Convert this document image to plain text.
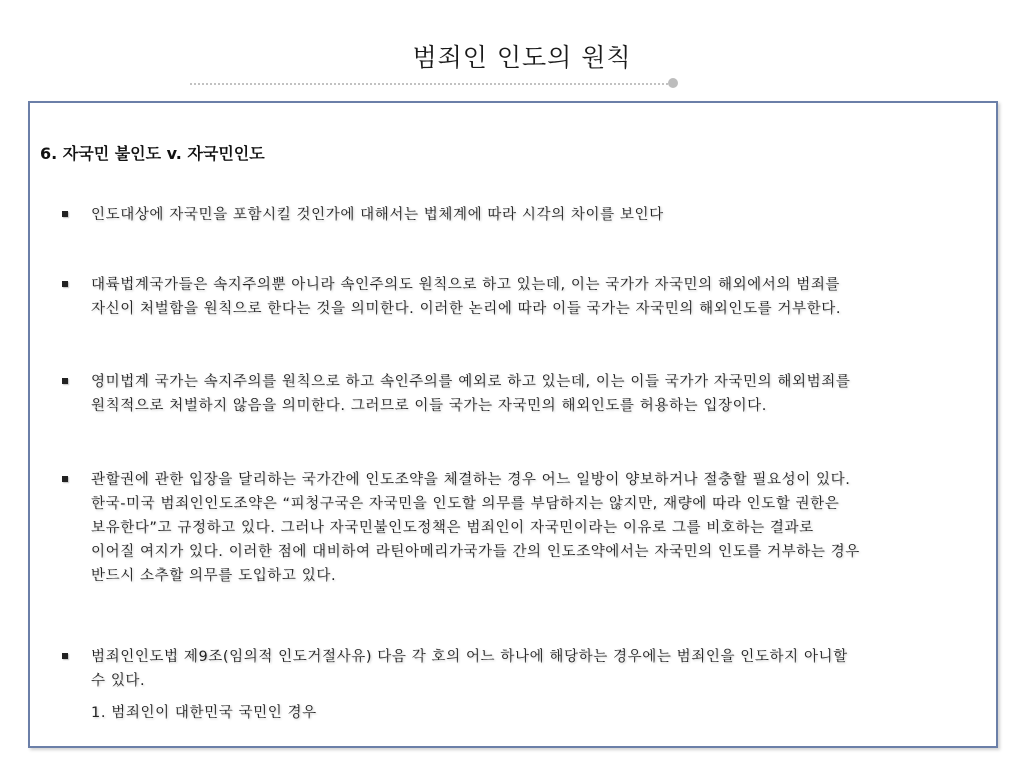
범죄인 인도의 원칙
6. 자국민 불인도 v. 자국민인도
인도대상에 자국민을 포함시킬 것인가에 대해서는 법체계에 따라 시각의 차이를 보인다
대륙법계국가들은 속지주의뿐 아니라 속인주의도 원칙으로 하고 있는데, 이는 국가가 자국민의 해외에서의 범죄를
자신이 처벌함을 원칙으로 한다는 것을 의미한다. 이러한 논리에 따라 이들 국가는 자국민의 해외인도를 거부한다.
영미법계 국가는 속지주의를 원칙으로 하고 속인주의를 예외로 하고 있는데, 이는 이들 국가가 자국민의 해외범죄를
원칙적으로 처벌하지 않음을 의미한다. 그러므로 이들 국가는 자국민의 해외인도를 허용하는 입장이다.
관할권에 관한 입장을 달리하는 국가간에 인도조약을 체결하는 경우 어느 일방이 양보하거나 절충할 필요성이 있다.
한국-미국 범죄인인도조약은 “피청구국은 자국민을 인도할 의무를 부담하지는 않지만, 재량에 따라 인도할 권한은
보유한다”고 규정하고 있다. 그러나 자국민불인도정책은 범죄인이 자국민이라는 이유로 그를 비호하는 결과로
이어질 여지가 있다. 이러한 점에 대비하여 라틴아메리가국가들 간의 인도조약에서는 자국민의 인도를 거부하는 경우
반드시 소추할 의무를 도입하고 있다.
범죄인인도법 제9조(임의적 인도거절사유) 다음 각 호의 어느 하나에 해당하는 경우에는 범죄인을 인도하지 아니할
수 있다.
1. 범죄인이 대한민국 국민인 경우
